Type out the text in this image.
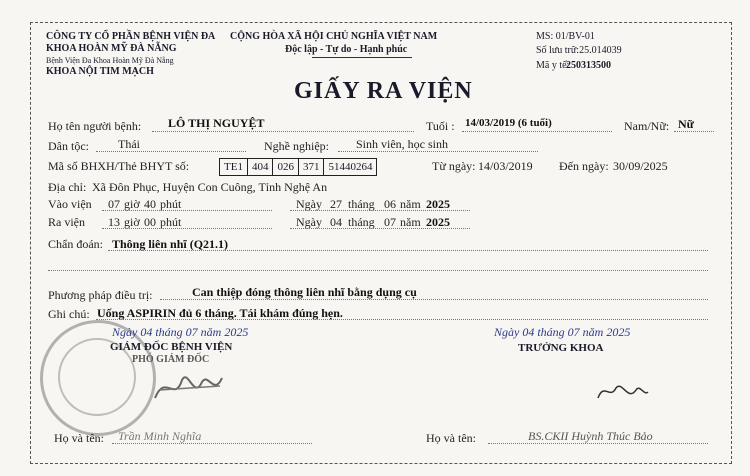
CÔNG TY CỔ PHẦN BỆNH VIỆN ĐA
KHOA HOÀN MỸ ĐÀ NẴNG
Bệnh Viện Đa Khoa Hoàn Mỹ Đà Nẵng
KHOA NỘI TIM MẠCH
CỘNG HÒA XÃ HỘI CHỦ NGHĨA VIỆT NAM
Độc lập - Tự do - Hạnh phúc
MS: 01/BV-01
Số lưu trữ:25.014039
Mã y tế:
250313500
GIẤY RA VIỆN
Họ tên người bệnh: LÔ THỊ NGUYỆT	Tuổi : 14/03/2019 (6 tuổi)	Nam/Nữ: Nữ
Dân tộc: Thái	Nghề nghiệp: Sinh viên, học sinh
Mã số BHXH/Thẻ BHYT số:	TE1 404 026 371 51440264	Từ ngày: 14/03/2019 Đến ngày: 30/09/2025
Địa chỉ: Xã Đôn Phục, Huyện Con Cuông, Tỉnh Nghệ An
Vào viện 07 giờ 40 phút	Ngày 27 tháng 06 năm 2025
Ra viện 13 giờ 00 phút	Ngày 04 tháng 07 năm 2025
Chẩn đoán: Thông liên nhĩ (Q21.1)
Phương pháp điều trị:	Can thiệp đóng thông liên nhĩ bằng dụng cụ
Ghi chú: Uống ASPIRIN đủ 6 tháng. Tái khám đúng hẹn.
Ngày 04 tháng 07 năm 2025
GIÁM ĐỐC BỆNH VIỆN
PHÓ GIÁM ĐỐC
Ngày 04 tháng 07 năm 2025
TRƯỞNG KHOA
Họ và tên: Trần Minh Nghĩa	Họ và tên:	BS.CKII Huỳnh Thúc Bảo
